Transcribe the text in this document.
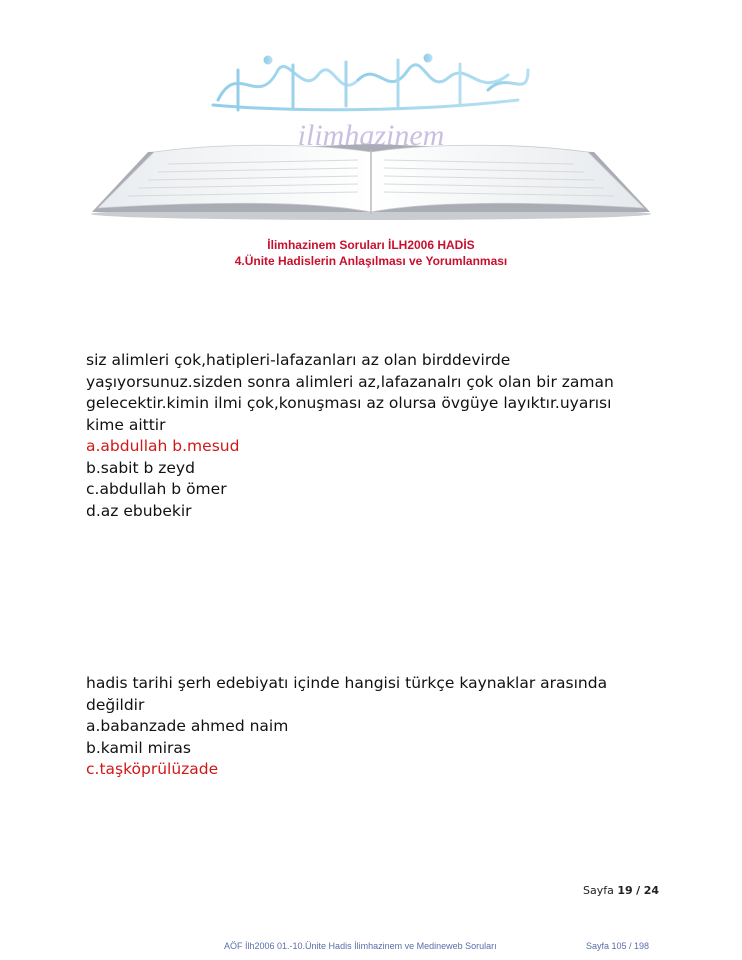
ilimhazinem
İlimhazinem Soruları İLH2006 HADİS
4.Ünite Hadislerin Anlaşılması ve Yorumlanması
siz alimleri çok,hatipleri-lafazanları az olan birddevirde
yaşıyorsunuz.sizden sonra alimleri az,lafazanalrı çok olan bir zaman
gelecektir.kimin ilmi çok,konuşması az olursa övgüye layıktır.uyarısı
kime aittir
a.abdullah b.mesud
b.sabit b zeyd
c.abdullah b ömer
d.az ebubekir
hadis tarihi şerh edebiyatı içinde hangisi türkçe kaynaklar arasında
değildir
a.babanzade ahmed naim
b.kamil miras
c.taşköprülüzade
Sayfa 19 / 24
AÖF İlh2006 01.-10.Ünite Hadis İlimhazinem ve Medineweb Soruları	Sayfa 105 / 198
